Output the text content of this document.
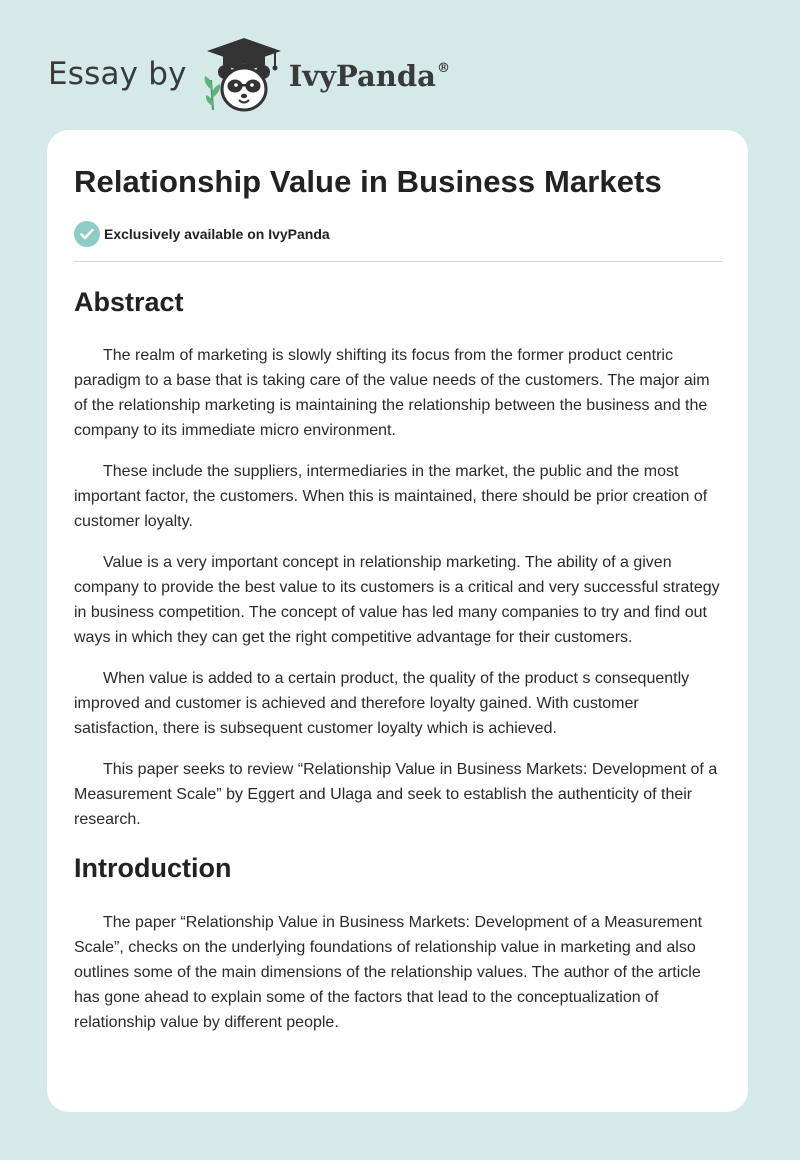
Essay by	IvyPanda®
Relationship Value in Business Markets
Exclusively available on IvyPanda
Abstract

The realm of marketing is slowly shifting its focus from the former product centric paradigm to a base that is taking care of the value needs of the customers. The major aim of the relationship marketing is maintaining the relationship between the business and the company to its immediate micro environment.

These include the suppliers, intermediaries in the market, the public and the most important factor, the customers. When this is maintained, there should be prior creation of customer loyalty.

Value is a very important concept in relationship marketing. The ability of a given company to provide the best value to its customers is a critical and very successful strategy in business competition. The concept of value has led many companies to try and find out ways in which they can get the right competitive advantage for their customers.

When value is added to a certain product, the quality of the product s consequently improved and customer is achieved and therefore loyalty gained. With customer satisfaction, there is subsequent customer loyalty which is achieved.

This paper seeks to review “Relationship Value in Business Markets: Development of a Measurement Scale” by Eggert and Ulaga and seek to establish the authenticity of their research.

Introduction

The paper “Relationship Value in Business Markets: Development of a Measurement Scale”, checks on the underlying foundations of relationship value in marketing and also outlines some of the main dimensions of the relationship values. The author of the article has gone ahead to explain some of the factors that lead to the conceptualization of relationship value by different people.
